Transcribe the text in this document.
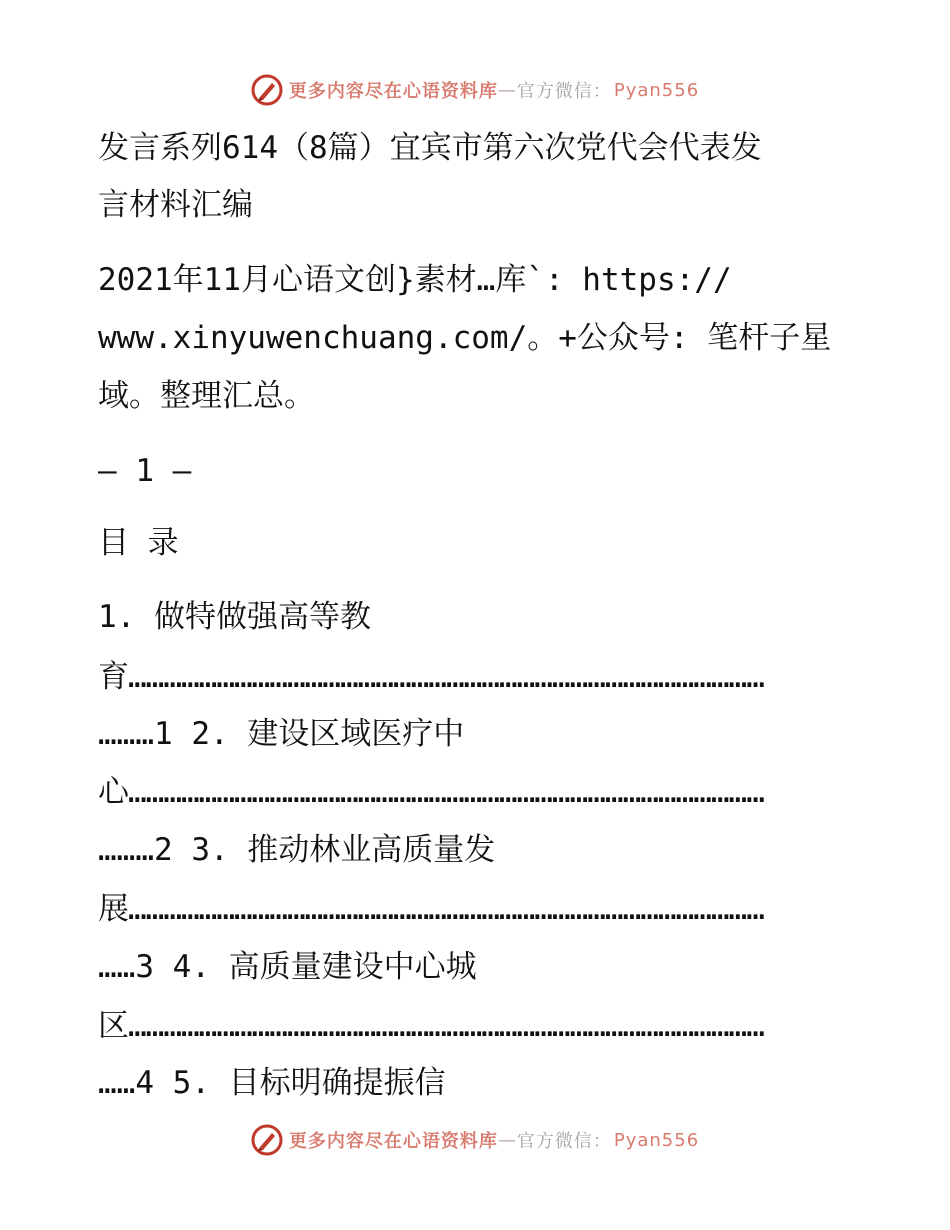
更多内容尽在心语资料库 — 官方微信： Pyan556
发言系列614（8篇）宜宾市第六次党代会代表发
言材料汇编
2021年11月心语文创}素材…库`: https://
www.xinyuwenchuang.com/。+公众号: 笔杆子星
域。整理汇总。
— 1 —
目 录
1. 做特做强高等教
育………………………………………………………………………………………………
………1 2. 建设区域医疗中
心………………………………………………………………………………………………
………2 3. 推动林业高质量发
展………………………………………………………………………………………………
……3 4. 高质量建设中心城
区………………………………………………………………………………………………
……4 5. 目标明确提振信
更多内容尽在心语资料库 — 官方微信： Pyan556
